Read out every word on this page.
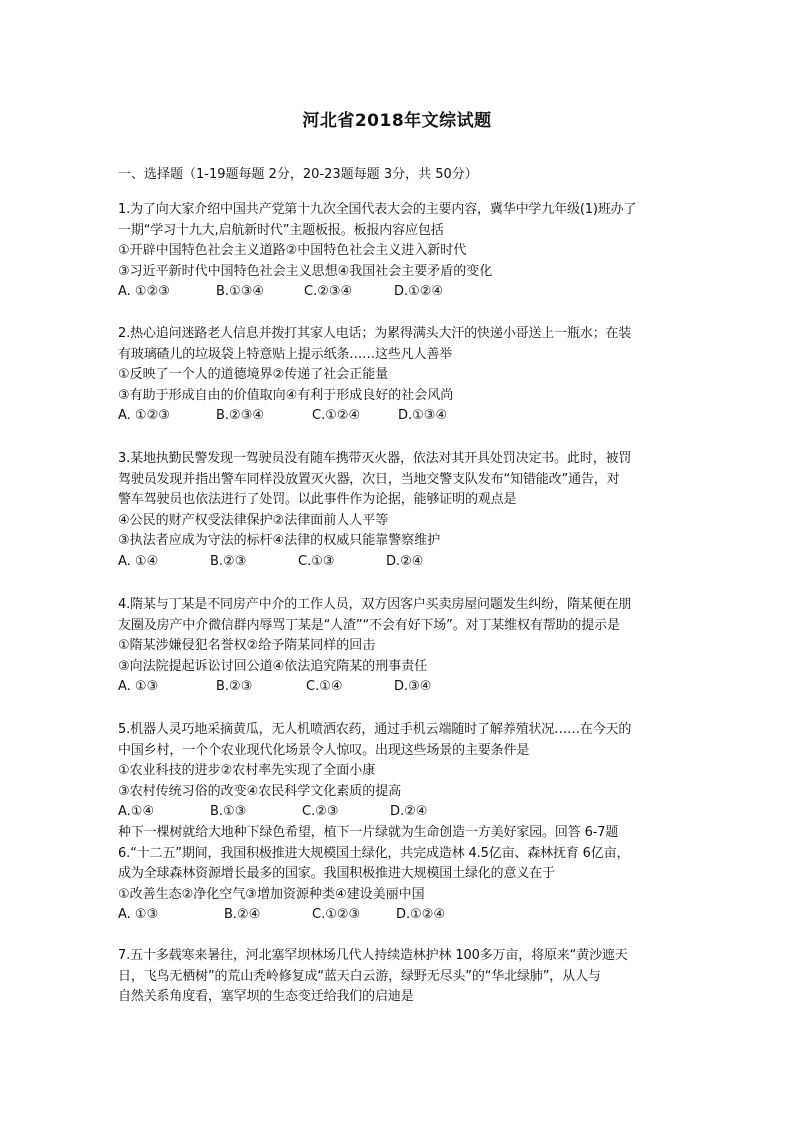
河北省2018年文综试题
一、选择题（1-19题每题 2分，20-23题每题 3分，共 50分）
1.为了向大家介绍中国共产党第十九次全国代表大会的主要内容，冀华中学九年级(1)班办了
一期“学习十九大,启航新时代”主题板报。板报内容应包括
①开辟中国特色社会主义道路②中国特色社会主义进入新时代
③习近平新时代中国特色社会主义思想④我国社会主要矛盾的变化
A. ①②③	B.①③④	C.②③④	D.①②④
2.热心追问迷路老人信息并拨打其家人电话；为累得满头大汗的快递小哥送上一瓶水；在装
有玻璃碴儿的垃圾袋上特意贴上提示纸条……这些凡人善举
①反映了一个人的道德境界②传递了社会正能量
③有助于形成自由的价值取向④有利于形成良好的社会风尚
A. ①②③	B.②③④	C.①②④	D.①③④
3.某地执勤民警发现一驾驶员没有随车携带灭火器，依法对其开具处罚决定书。此时，被罚
驾驶员发现并指出警车同样没放置灭火器，次日，当地交警支队发布“知错能改”通告，对
警车驾驶员也依法进行了处罚。以此事件作为论据，能够证明的观点是
④公民的财产权受法律保护②法律面前人人平等
③执法者应成为守法的标杆④法律的权威只能靠警察维护
A. ①④	B.②③	C.①③	D.②④
4.隋某与丁某是不同房产中介的工作人员，双方因客户买卖房屋问题发生纠纷，隋某便在朋
友圈及房产中介微信群内辱骂丁某是“人渣”“不会有好下场”。对丁某维权有帮助的提示是
①隋某涉嫌侵犯名誉权②给予隋某同样的回击
③向法院提起诉讼讨回公道④依法追究隋某的刑事责任
A. ①③	B.②③	C.①④	D.③④
5.机器人灵巧地采摘黄瓜，无人机喷洒农药，通过手机云端随时了解养殖状况……在今天的
中国乡村，一个个农业现代化场景令人惊叹。出现这些场景的主要条件是
①农业科技的进步②农村率先实现了全面小康
③农村传统习俗的改变④农民科学文化素质的提高
A.①④	B.①③	C.②③	D.②④
种下一棵树就给大地种下绿色希望，植下一片绿就为生命创造一方美好家园。回答 6-7题
6.“十二五”期间，我国积极推进大规模国土绿化，共完成造林 4.5亿亩、森林抚育 6亿亩，
成为全球森林资源增长最多的国家。我国积极推进大规模国土绿化的意义在于
①改善生态②净化空气③增加资源种类④建设美丽中国
A. ①③	B.②④	C.①②③	D.①②④
7.五十多载寒来暑往，河北塞罕坝林场几代人持续造林护林 100多万亩，将原来“黄沙遮天
日，飞鸟无栖树”的荒山秃岭修复成“蓝天白云游，绿野无尽头”的“华北绿肺”，从人与
自然关系角度看，塞罕坝的生态变迁给我们的启迪是
